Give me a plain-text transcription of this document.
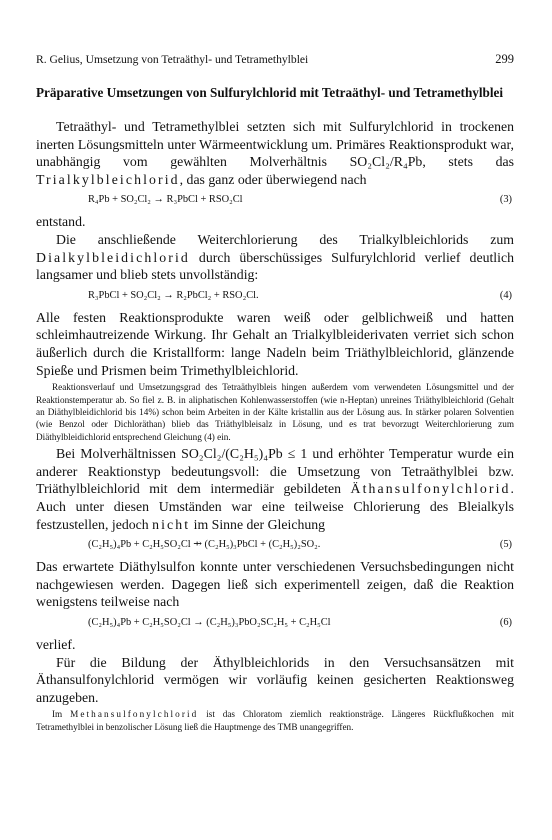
R. Gelius, Umsetzung von Tetraäthyl- und Tetramethylblei	299
Präparative Umsetzungen von Sulfurylchlorid mit Tetraäthyl- und Tetramethylblei

Tetraäthyl- und Tetramethylblei setzten sich mit Sulfurylchlorid in trockenen inerten Lösungsmitteln unter Wärmeentwicklung um. Primäres Reaktionsprodukt war, unabhängig vom gewählten Molverhältnis SO₂Cl₂/R₄Pb, stets das Trialkylbleichlorid, das ganz oder überwiegend nach

R₄Pb + SO₂Cl₂ → R₃PbCl + RSO₂Cl	(3)

entstand.

Die anschließende Weiterchlorierung des Trialkylbleichlorids zum Dialkylbleidichlorid durch überschüssiges Sulfurylchlorid verlief deutlich langsamer und blieb stets unvollständig:

R₃PbCl + SO₂Cl₂ → R₂PbCl₂ + RSO₂Cl.	(4)

Alle festen Reaktionsprodukte waren weiß oder gelblichweiß und hatten schleimhautreizende Wirkung. Ihr Gehalt an Trialkylbleiderivaten verriet sich schon äußerlich durch die Kristallform: lange Nadeln beim Triäthylbleichlorid, glänzende Spieße und Prismen beim Trimethylbleichlorid.

Reaktionsverlauf und Umsetzungsgrad des Tetraäthylbleis hingen außerdem vom verwendeten Lösungsmittel und der Reaktionstemperatur ab. So fiel z. B. in aliphatischen Kohlenwasserstoffen (wie n-Heptan) unreines Triäthylbleichlorid (Gehalt an Diäthylbleidichlorid bis 14%) schon beim Arbeiten in der Kälte kristallin aus der Lösung aus. In stärker polaren Solventien (wie Benzol oder Dichloräthan) blieb das Triäthylbleisalz in Lösung, und es trat bevorzugt Weiterchlorierung zum Diäthylbleidichlorid entsprechend Gleichung (4) ein.

Bei Molverhältnissen SO₂Cl₂/(C₂H₅)₄Pb ≤ 1 und erhöhter Temperatur wurde ein anderer Reaktionstyp bedeutungsvoll: die Umsetzung von Tetraäthylblei bzw. Triäthylbleichlorid mit dem intermediär gebildeten Äthansulfonylchlorid. Auch unter diesen Umständen war eine teilweise Chlorierung des Bleialkyls festzustellen, jedoch nicht im Sinne der Gleichung

(C₂H₅)₄Pb + C₂H₅SO₂Cl ⇸ (C₂H₅)₃PbCl + (C₂H₅)₂SO₂.	(5)

Das erwartete Diäthylsulfon konnte unter verschiedenen Versuchsbedingungen nicht nachgewiesen werden. Dagegen ließ sich experimentell zeigen, daß die Reaktion wenigstens teilweise nach

(C₂H₅)₄Pb + C₂H₅SO₂Cl → (C₂H₅)₃PbO₂SC₂H₅ + C₂H₅Cl	(6)

verlief.

Für die Bildung der Äthylbleichlorids in den Versuchsansätzen mit Äthansulfonylchlorid vermögen wir vorläufig keinen gesicherten Reaktionsweg anzugeben.

Im Methansulfonylchlorid ist das Chloratom ziemlich reaktionsträge. Längeres Rückflußkochen mit Tetramethylblei in benzolischer Lösung ließ die Hauptmenge des TMB unangegriffen.
